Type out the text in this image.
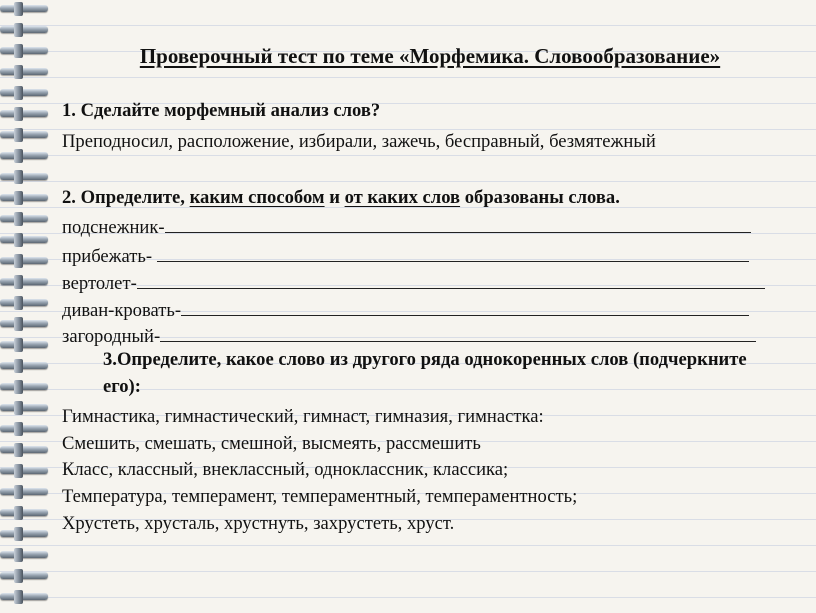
Проверочный тест по теме «Морфемика. Словообразование»
1. Сделайте морфемный анализ слов?
Преподносил, расположение, избирали, зажечь, бесправный, безмятежный
2. Определите, каким способом и от каких слов образованы слова.
подснежник-
прибежать-
вертолет-
диван-кровать-
загородный-
3.Определите, какое слово из другого ряда однокоренных слов (подчеркните его):
Гимнастика, гимнастический, гимнаст, гимназия, гимнастка:
Смешить, смешать, смешной, высмеять, рассмешить
Класс, классный, внеклассный, одноклассник, классика;
Температура, темперамент, темпераментный, темпераментность;
Хрустеть, хрусталь, хрустнуть, захрустеть, хруст.
